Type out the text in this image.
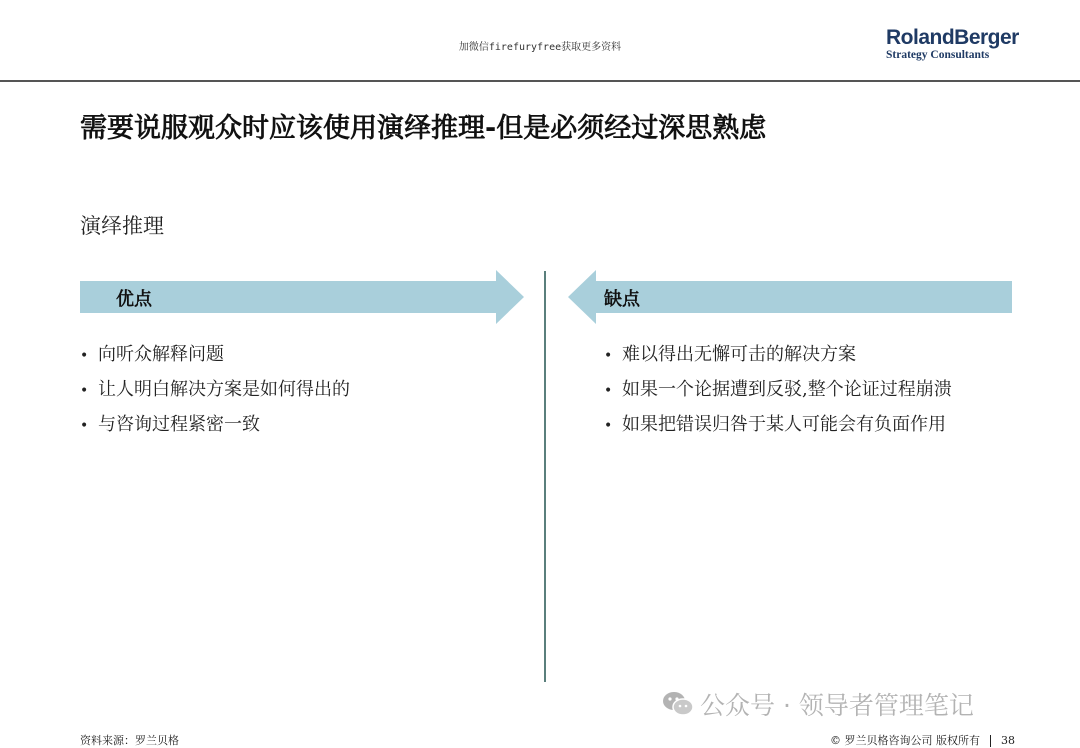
加微信firefuryfree获取更多资料	RolandBerger
Strategy Consultants
需要说服观众时应该使用演绎推理-但是必须经过深思熟虑
演绎推理
优点	缺点
• 向听众解释问题
• 让人明白解决方案是如何得出的
• 与咨询过程紧密一致
• 难以得出无懈可击的解决方案
• 如果一个论据遭到反驳,整个论证过程崩溃
• 如果把错误归咎于某人可能会有负面作用
公众号 · 领导者管理笔记
资料来源：罗兰贝格	© 罗兰贝格咨询公司 版权所有 38
